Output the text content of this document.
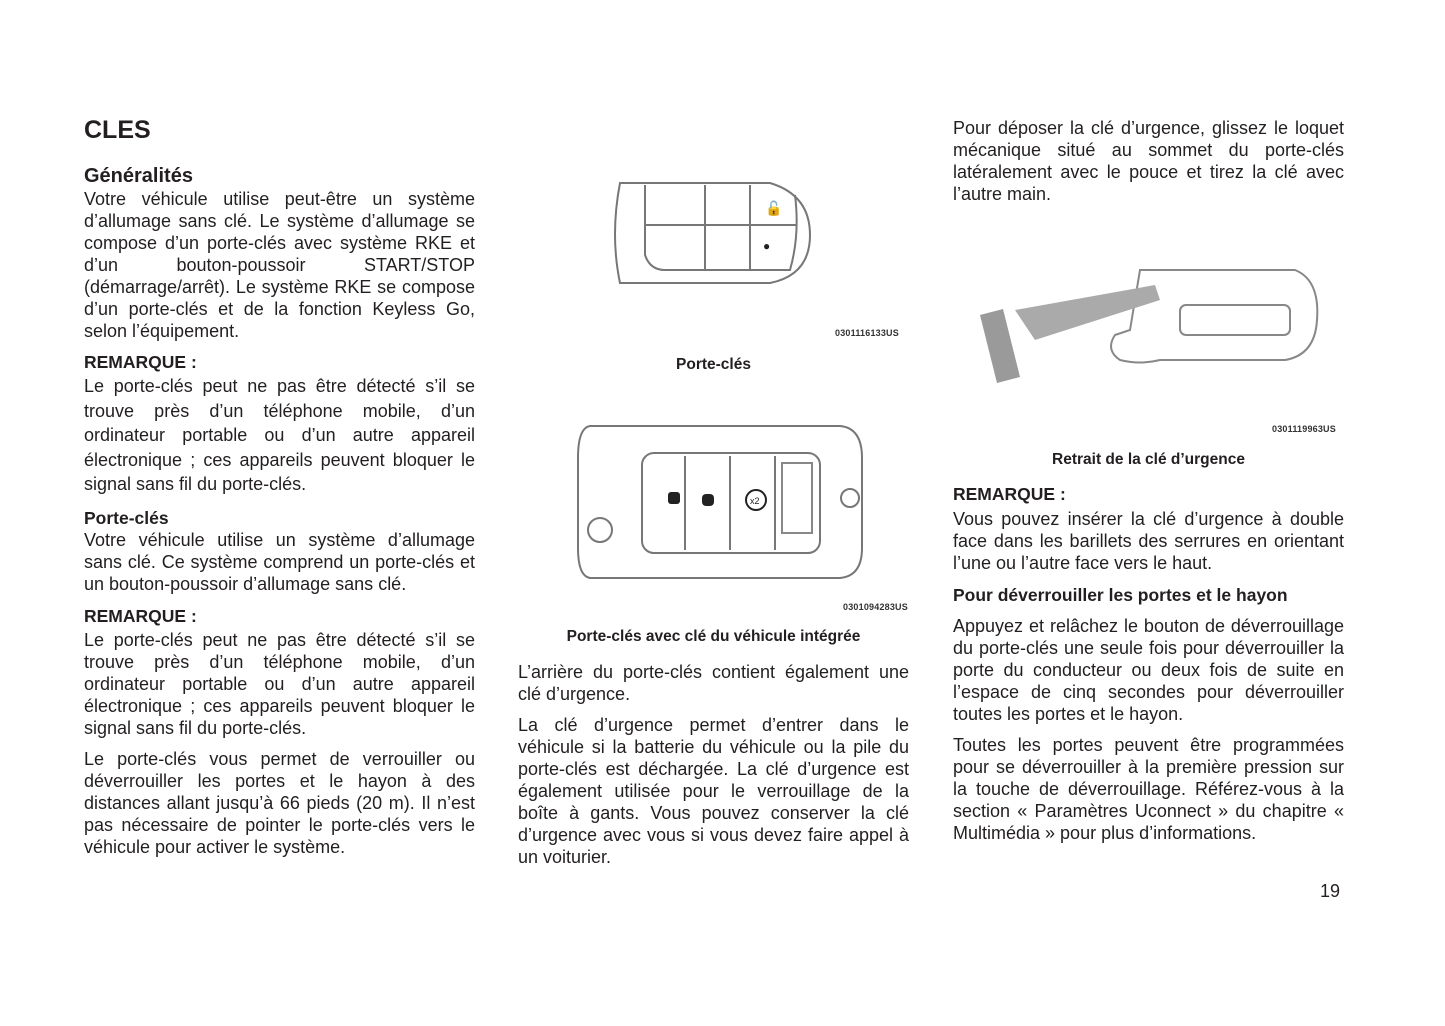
CLES
Généralités
Votre véhicule utilise peut-être un système d’allumage sans clé. Le système d’allumage se compose d’un porte-clés avec système RKE et d’un bouton-poussoir START/STOP (démarrage/arrêt). Le système RKE se compose d’un porte-clés et de la fonction Keyless Go, selon l’équipement.
REMARQUE :
Le porte-clés peut ne pas être détecté s’il se trouve près d’un téléphone mobile, d’un ordinateur portable ou d’un autre appareil électronique ; ces appareils peuvent bloquer le signal sans fil du porte-clés.
Porte-clés
Votre véhicule utilise un système d’allumage sans clé. Ce système comprend un porte-clés et un bouton-poussoir d’allumage sans clé.
REMARQUE :
Le porte-clés peut ne pas être détecté s’il se trouve près d’un téléphone mobile, d’un ordinateur portable ou d’un autre appareil électronique ; ces appareils peuvent bloquer le signal sans fil du porte-clés.
Le porte-clés vous permet de verrouiller ou déverrouiller les portes et le hayon à des distances allant jusqu’à 66 pieds (20 m). Il n’est pas nécessaire de pointer le porte-clés vers le véhicule pour activer le système.
🔓
●
0301116133US
Porte-clés
x2
0301094283US
Porte-clés avec clé du véhicule intégrée
L’arrière du porte-clés contient également une clé d’urgence.
La clé d’urgence permet d’entrer dans le véhicule si la batterie du véhicule ou la pile du porte-clés est déchargée. La clé d’urgence est également utilisée pour le verrouillage de la boîte à gants. Vous pouvez conserver la clé d’urgence avec vous si vous devez faire appel à un voiturier.
Pour déposer la clé d’urgence, glissez le loquet mécanique situé au sommet du porte-clés latéralement avec le pouce et tirez la clé avec l’autre main.
0301119963US
Retrait de la clé d’urgence
REMARQUE :
Vous pouvez insérer la clé d’urgence à double face dans les barillets des serrures en orientant l’une ou l’autre face vers le haut.
Pour déverrouiller les portes et le hayon
Appuyez et relâchez le bouton de déverrouillage du porte-clés une seule fois pour déverrouiller la porte du conducteur ou deux fois de suite en l’espace de cinq secondes pour déverrouiller toutes les portes et le hayon.
Toutes les portes peuvent être programmées pour se déverrouiller à la première pression sur la touche de déverrouillage. Référez-vous à la section « Paramètres Uconnect » du chapitre « Multimédia » pour plus d’informations.
19
